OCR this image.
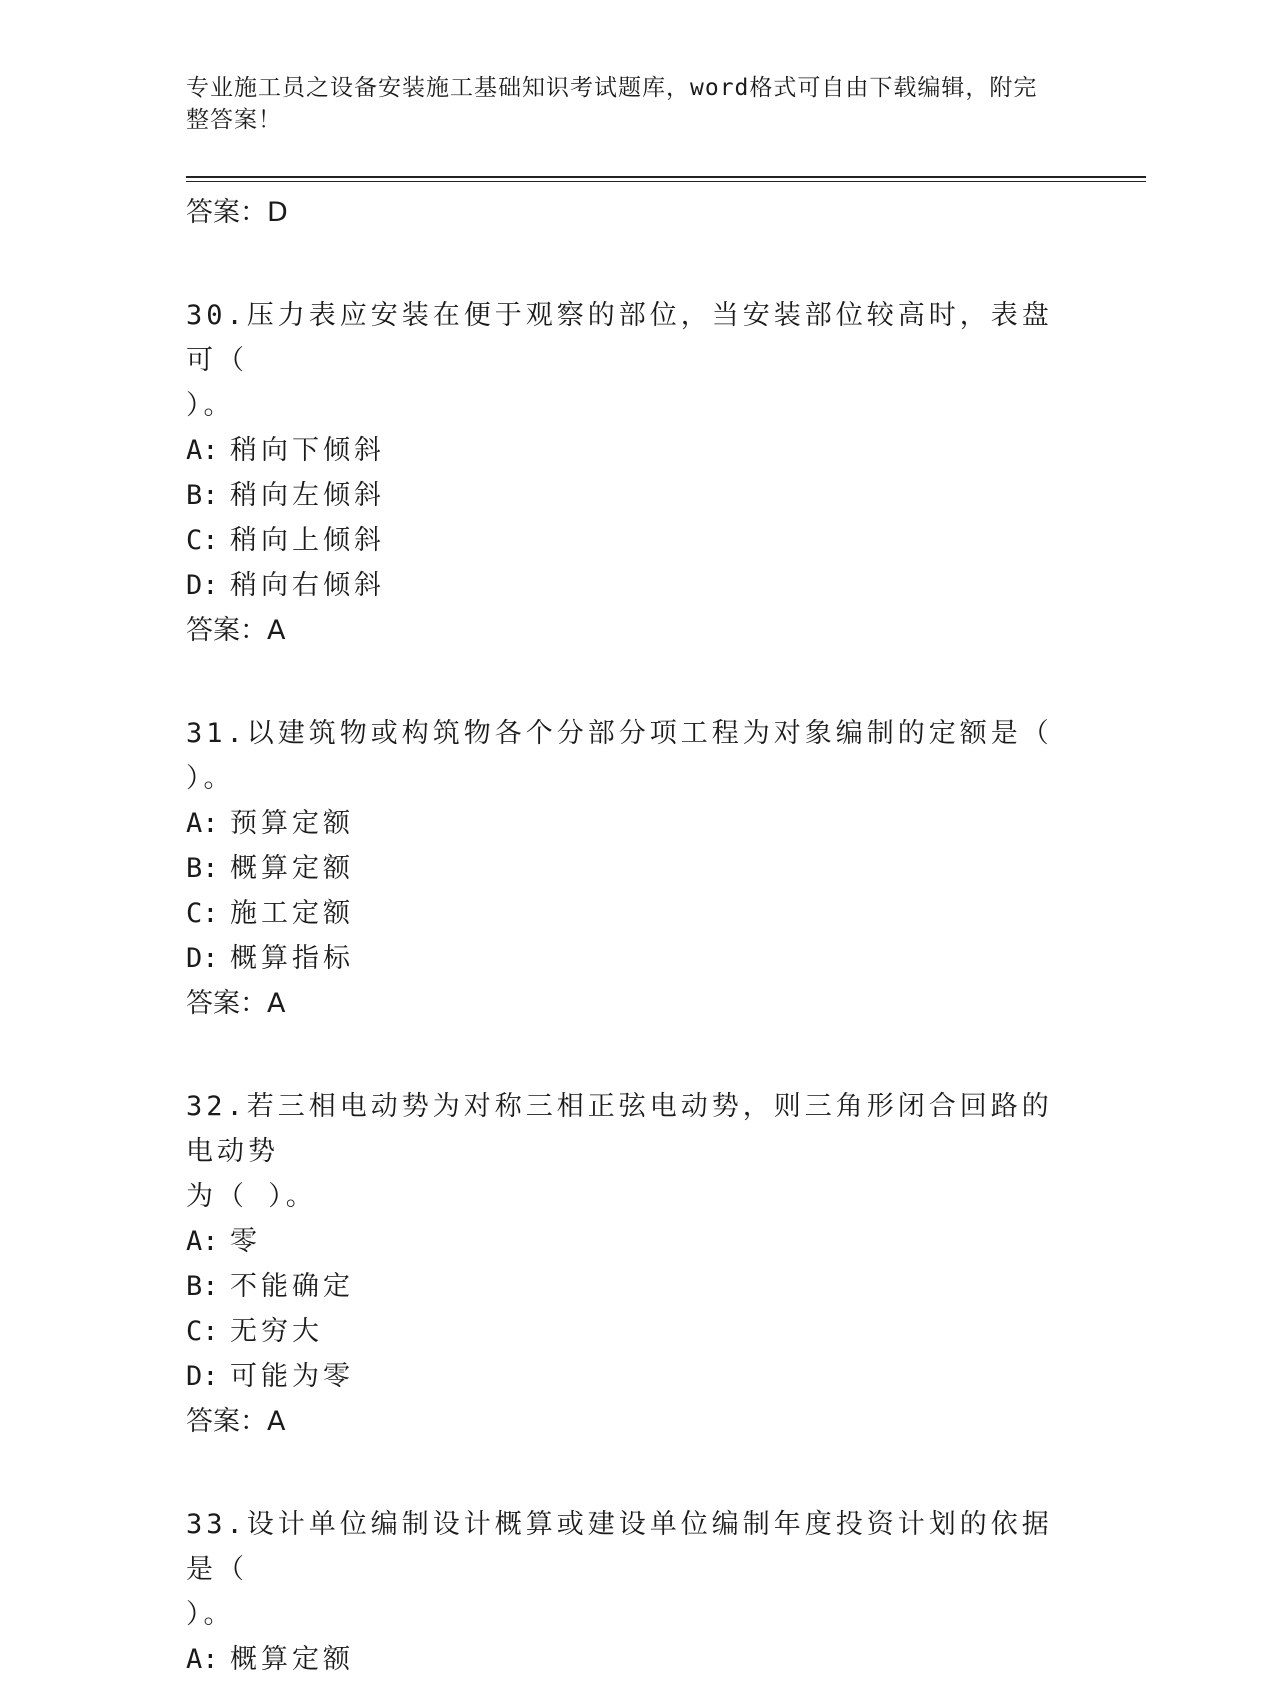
专业施工员之设备安装施工基础知识考试题库，word格式可自由下载编辑，附完
整答案！
答案：D
30.压力表应安装在便于观察的部位，当安装部位较高时，表盘可（
）。
A: 稍向下倾斜
B: 稍向左倾斜
C: 稍向上倾斜
D: 稍向右倾斜
答案：A
31.以建筑物或构筑物各个分部分项工程为对象编制的定额是（ ）。
A: 预算定额
B: 概算定额
C: 施工定额
D: 概算指标
答案：A
32.若三相电动势为对称三相正弦电动势，则三角形闭合回路的电动势
为（ ）。
A: 零
B: 不能确定
C: 无穷大
D: 可能为零
答案：A
33.设计单位编制设计概算或建设单位编制年度投资计划的依据是（
）。
A: 概算定额
